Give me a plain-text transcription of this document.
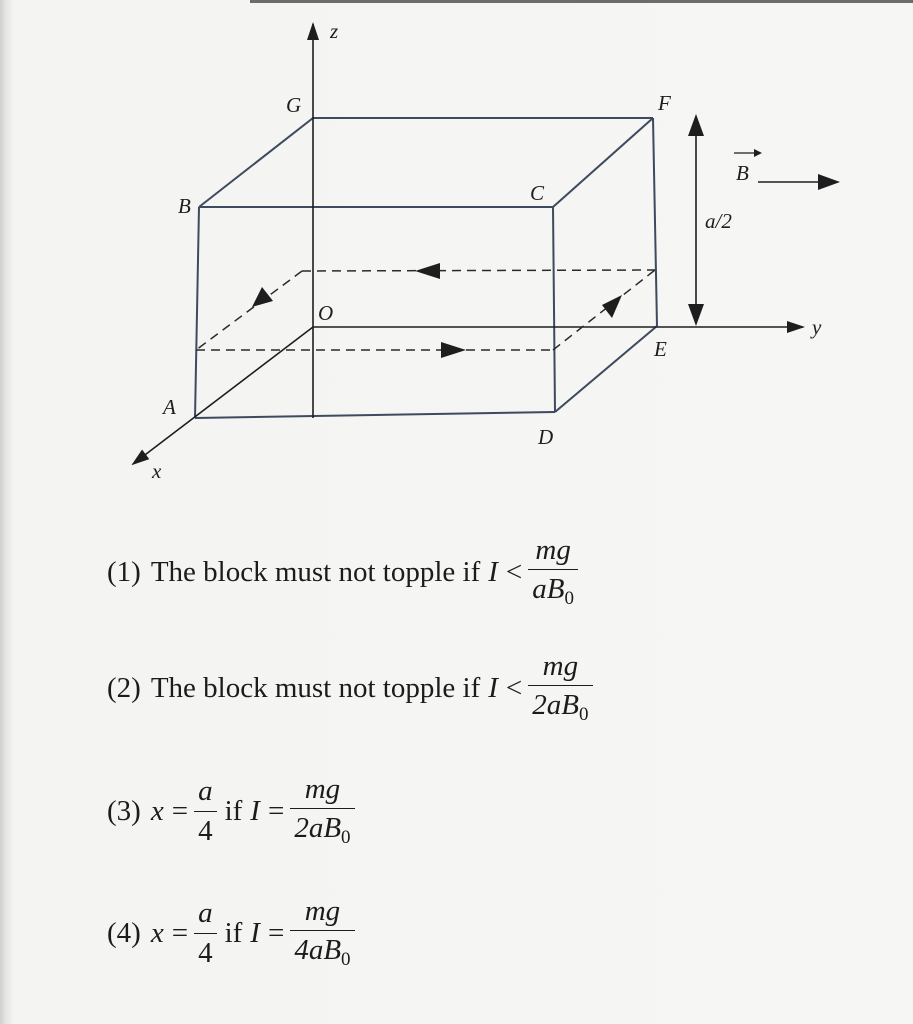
z
y
x
O
G	F
B
C
A
D
E
B
a/2
(1) The block must not topple if $I < \frac{mg}{aB_0}$
(2) The block must not topple if $I < \frac{mg}{2aB_0}$
(3) $x = \frac{a}{4}$ if $I = \frac{mg}{2aB_0}$
(4) $x = \frac{a}{4}$ if $I = \frac{mg}{4aB_0}$
